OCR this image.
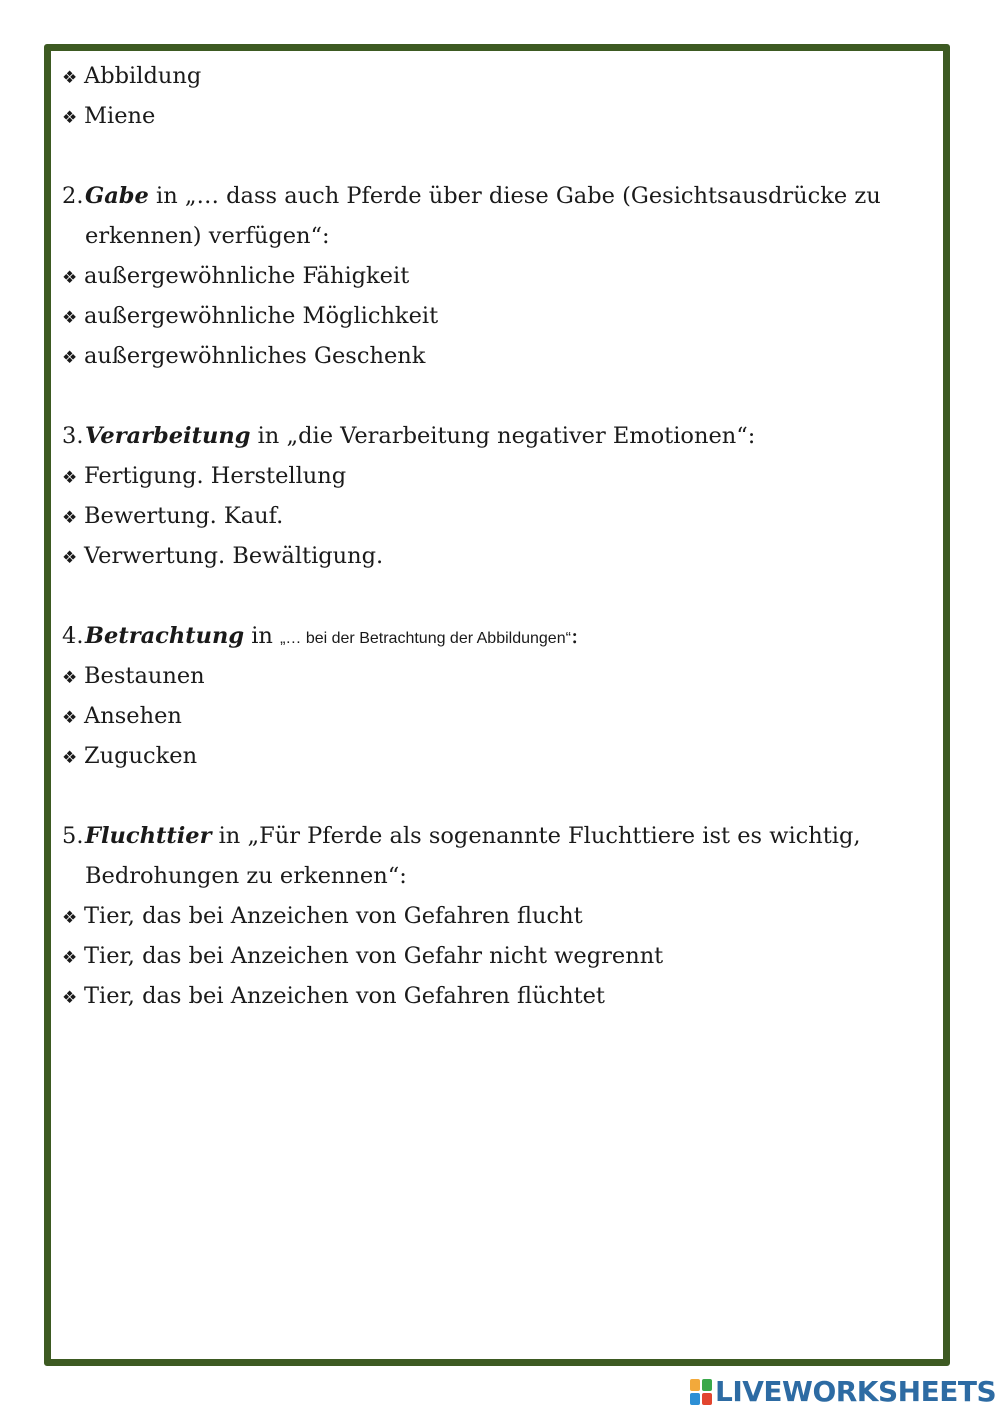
❖ Abbildung
❖ Miene
2.Gabe in „… dass auch Pferde über diese Gabe (Gesichtsausdrücke zu
erkennen) verfügen“:
❖ außergewöhnliche Fähigkeit
❖ außergewöhnliche Möglichkeit
❖ außergewöhnliches Geschenk
3.Verarbeitung in „die Verarbeitung negativer Emotionen“:
❖ Fertigung. Herstellung
❖ Bewertung. Kauf.
❖ Verwertung. Bewältigung.
4.Betrachtung in „… bei der Betrachtung der Abbildungen“:
❖ Bestaunen
❖ Ansehen
❖ Zugucken
5.Fluchttier in „Für Pferde als sogenannte Fluchttiere ist es wichtig,
Bedrohungen zu erkennen“:
❖ Tier, das bei Anzeichen von Gefahren flucht
❖ Tier, das bei Anzeichen von Gefahr nicht wegrennt
❖ Tier, das bei Anzeichen von Gefahren flüchtet
LIVEWORKSHEETS
